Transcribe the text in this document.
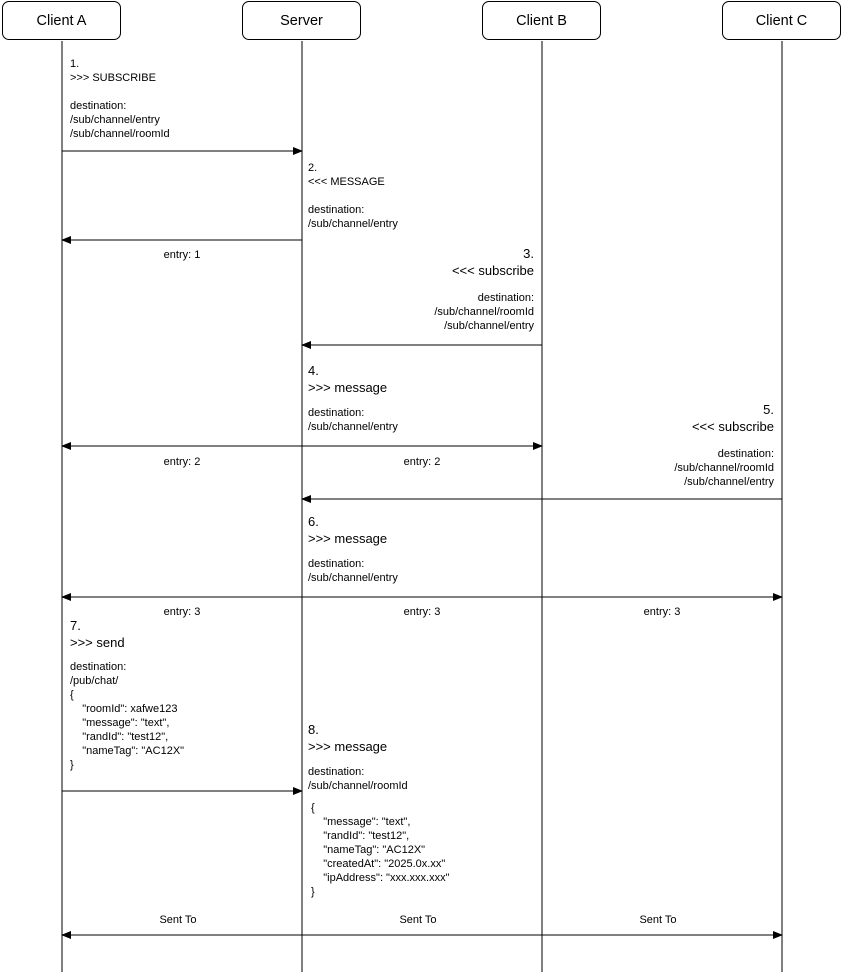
Client A	Server	Client B	Client C
1.
>>> SUBSCRIBE
destination:
/sub/channel/entry
/sub/channel/roomId
2.
<<< MESSAGE
destination:
/sub/channel/entry
entry: 1	3.
<<< subscribe
destination:
/sub/channel/roomId
/sub/channel/entry
4.
>>> message
destination:
/sub/channel/entry
entry: 2	entry: 2
5.
<<< subscribe
destination:
/sub/channel/roomId
/sub/channel/entry
6.
>>> message
destination:
/sub/channel/entry
entry: 3	entry: 3	entry: 3
7.
>>> send
destination:
/pub/chat/
{
"roomId": xafwe123
"message": "text",
"randId": "test12",
"nameTag": "AC12X"
}
8.
>>> message
destination:
/sub/channel/roomId
{
"message": "text",
"randId": "test12",
"nameTag": "AC12X"
"createdAt": "2025.0x.xx"
"ipAddress": "xxx.xxx.xxx"
}
Sent To	Sent To	Sent To
